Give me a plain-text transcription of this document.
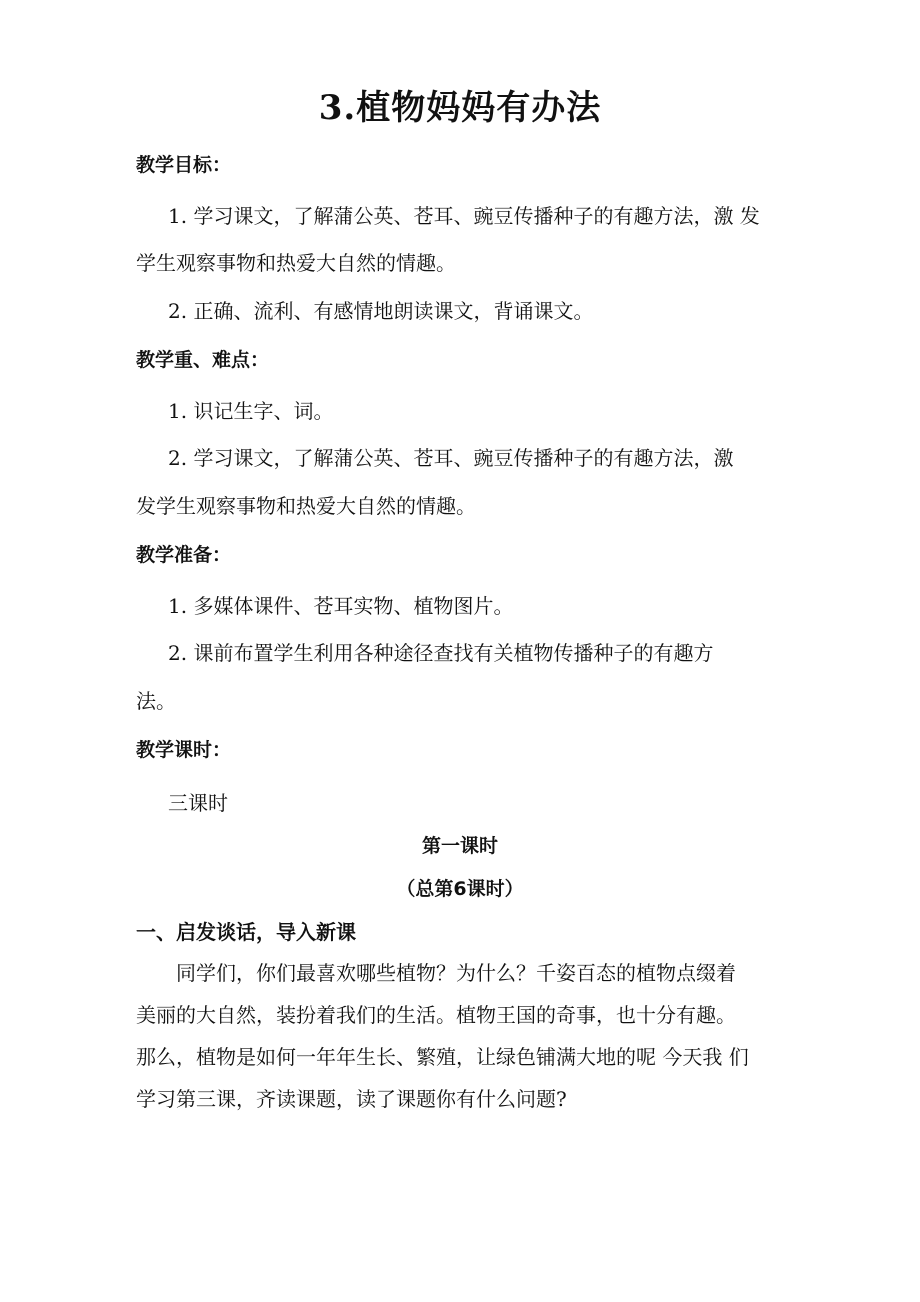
3.植物妈妈有办法
教学目标：
1. 学习课文，了解蒲公英、苍耳、豌豆传播种子的有趣方法，激 发
学生观察事物和热爱大自然的情趣。
2. 正确、流利、有感情地朗读课文，背诵课文。
教学重、难点：
1. 识记生字、词。
2. 学习课文，了解蒲公英、苍耳、豌豆传播种子的有趣方法，激
发学生观察事物和热爱大自然的情趣。
教学准备：
1. 多媒体课件、苍耳实物、植物图片。
2. 课前布置学生利用各种途径查找有关植物传播种子的有趣方
法。
教学课时：
三课时
第一课时
（总第6课时）
一、启发谈话，导入新课
同学们，你们最喜欢哪些植物？为什么？千姿百态的植物点缀着
美丽的大自然，装扮着我们的生活。植物王国的奇事，也十分有趣。
那么，植物是如何一年年生长、繁殖，让绿色铺满大地的呢 今天我 们
学习第三课，齐读课题，读了课题你有什么问题?
